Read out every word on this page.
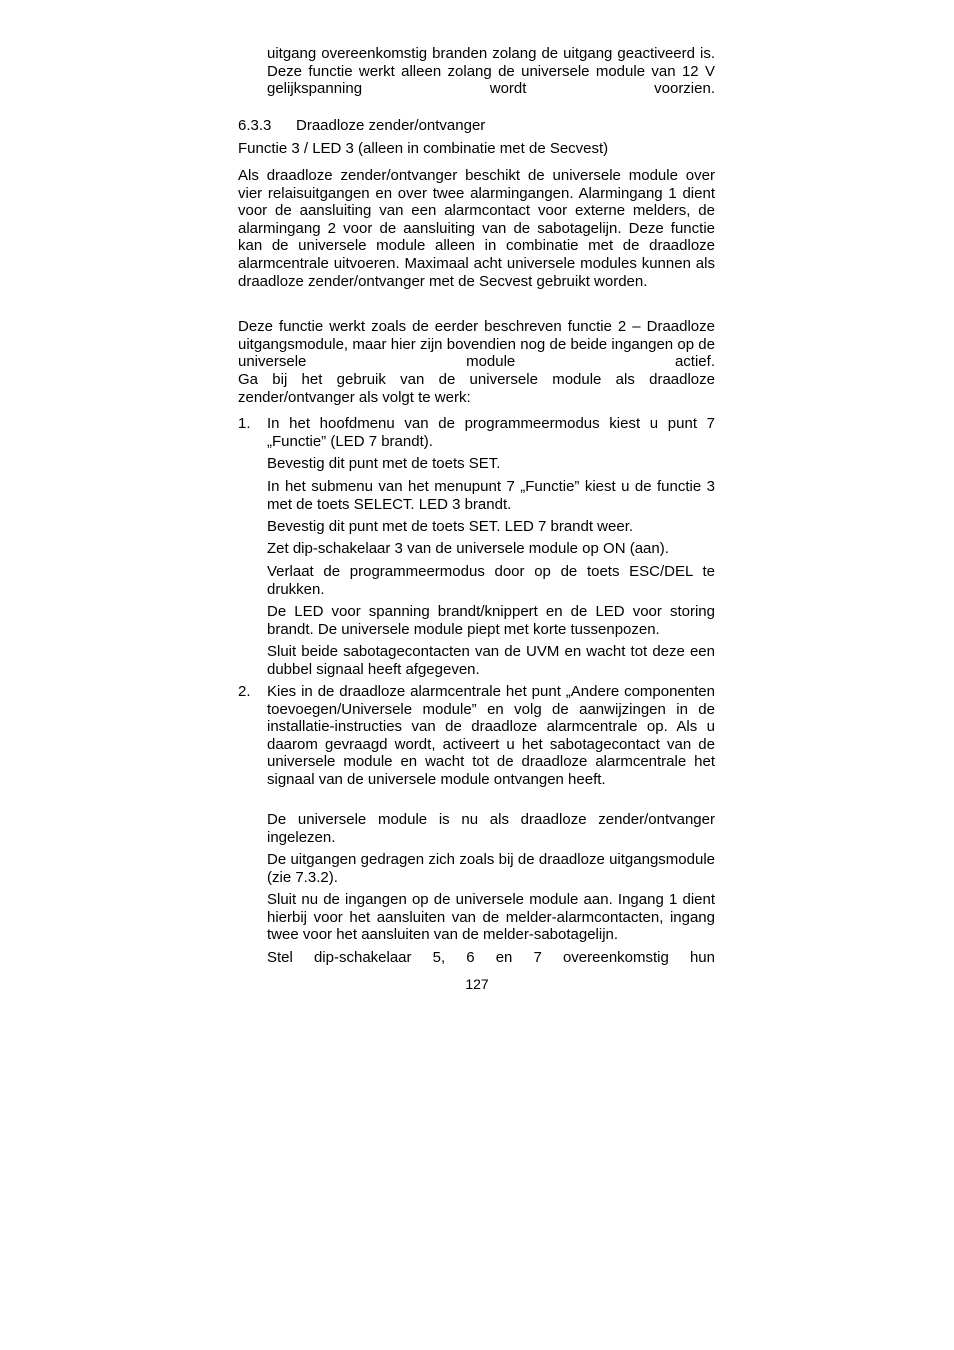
uitgang overeenkomstig branden zolang de uitgang geactiveerd is. Deze functie werkt alleen zolang de universele module van 12 V gelijkspanning wordt voorzien.
6.3.3 Draadloze zender/ontvanger
Functie 3 / LED 3 (alleen in combinatie met de Secvest)
Als draadloze zender/ontvanger beschikt de universele module over vier relaisuitgangen en over twee alarmingangen. Alarmingang 1 dient voor de aansluiting van een alarmcontact voor externe melders, de alarmingang 2 voor de aansluiting van de sabotagelijn. Deze functie kan de universele module alleen in combinatie met de draadloze alarmcentrale uitvoeren. Maximaal acht universele modules kunnen als draadloze zender/ontvanger met de Secvest gebruikt worden.
Deze functie werkt zoals de eerder beschreven functie 2 – Draadloze uitgangsmodule, maar hier zijn bovendien nog de beide ingangen op de universele module actief.
Ga bij het gebruik van de universele module als draadloze zender/ontvanger als volgt te werk:
1. In het hoofdmenu van de programmeermodus kiest u punt 7 „Functie” (LED 7 brandt).
Bevestig dit punt met de toets SET.
In het submenu van het menupunt 7 „Functie” kiest u de functie 3 met de toets SELECT. LED 3 brandt.
Bevestig dit punt met de toets SET. LED 7 brandt weer.
Zet dip-schakelaar 3 van de universele module op ON (aan).
Verlaat de programmeermodus door op de toets ESC/DEL te drukken.
De LED voor spanning brandt/knippert en de LED voor storing brandt. De universele module piept met korte tussenpozen.
Sluit beide sabotagecontacten van de UVM en wacht tot deze een dubbel signaal heeft afgegeven.
2. Kies in de draadloze alarmcentrale het punt „Andere componenten toevoegen/Universele module” en volg de aanwijzingen in de installatie-instructies van de draadloze alarmcentrale op. Als u daarom gevraagd wordt, activeert u het sabotagecontact van de universele module en wacht tot de draadloze alarmcentrale het signaal van de universele module ontvangen heeft.
De universele module is nu als draadloze zender/ontvanger ingelezen.
De uitgangen gedragen zich zoals bij de draadloze uitgangsmodule (zie 7.3.2).
Sluit nu de ingangen op de universele module aan. Ingang 1 dient hierbij voor het aansluiten van de melder-alarmcontacten, ingang twee voor het aansluiten van de melder-sabotagelijn.
Stel dip-schakelaar 5, 6 en 7 overeenkomstig hun
127
